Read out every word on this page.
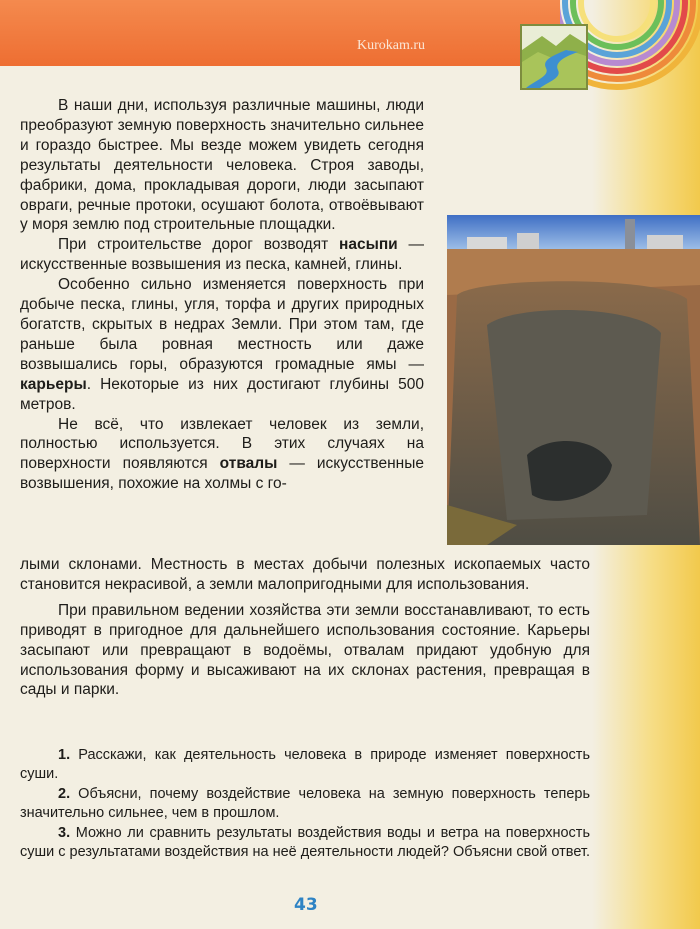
Kurokam.ru

В наши дни, используя различные машины, люди преобразуют земную поверхность значительно сильнее и гораздо быстрее. Мы везде можем увидеть сегодня результаты деятельности человека. Строя заводы, фабрики, дома, прокладывая дороги, люди засыпают овраги, речные протоки, осушают болота, отвоёвывают у моря землю под строительные площадки.

При строительстве дорог возводят насыпи — искусственные возвышения из песка, камней, глины.

Особенно сильно изменяется поверхность при добыче песка, глины, угля, торфа и других природных богатств, скрытых в недрах Земли. При этом там, где раньше была ровная местность или даже возвышались горы, образуются громадные ямы — карьеры. Некоторые из них достигают глубины 500 метров.

Не всё, что извлекает человек из земли, полностью используется. В этих случаях на поверхности появляются отвалы — искусственные возвышения, похожие на холмы с го-

лыми склонами. Местность в местах добычи полезных ископаемых часто становится некрасивой, а земли малопригодными для использования.

При правильном ведении хозяйства эти земли восстанавливают, то есть приводят в пригодное для дальнейшего использования состояние. Карьеры засыпают или превращают в водоёмы, отвалам придают удобную для использования форму и высаживают на их склонах растения, превращая в сады и парки.

1. Расскажи, как деятельность человека в природе изменяет поверхность суши.

2. Объясни, почему воздействие человека на земную поверхность теперь значительно сильнее, чем в прошлом.

3. Можно ли сравнить результаты воздействия воды и ветра на поверхность суши с результатами воздействия на неё деятельности людей? Объясни свой ответ.

43
